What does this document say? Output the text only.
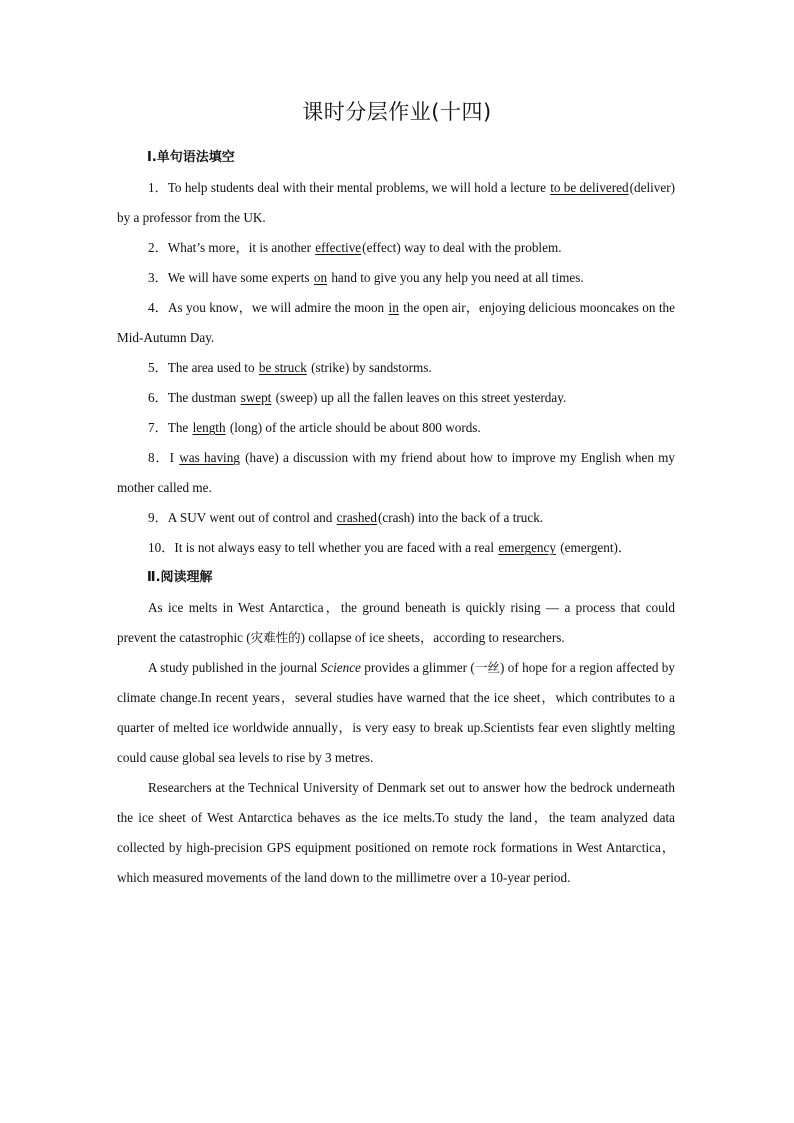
课时分层作业(十四)

Ⅰ.单句语法填空

1．To help students deal with their mental problems, we will hold a lecture to be delivered(deliver) by a professor from the UK.

2．What’s more，it is another effective(effect) way to deal with the problem.

3．We will have some experts on hand to give you any help you need at all times.

4．As you know，we will admire the moon in the open air，enjoying delicious mooncakes on the Mid-Autumn Day.

5．The area used to be struck (strike) by sandstorms.

6．The dustman swept (sweep) up all the fallen leaves on this street yesterday.

7．The length (long) of the article should be about 800 words.

8．I was having (have) a discussion with my friend about how to improve my English when my mother called me.

9．A SUV went out of control and crashed(crash) into the back of a truck.

10．It is not always easy to tell whether you are faced with a real emergency (emergent)．

Ⅱ.阅读理解

As ice melts in West Antarctica，the ground beneath is quickly rising — a process that could prevent the catastrophic (灾难性的) collapse of ice sheets，according to researchers.

A study published in the journal Science provides a glimmer (一丝) of hope for a region affected by climate change.In recent years，several studies have warned that the ice sheet，which contributes to a quarter of melted ice worldwide annually，is very easy to break up.Scientists fear even slightly melting could cause global sea levels to rise by 3 metres.

Researchers at the Technical University of Denmark set out to answer how the bedrock underneath the ice sheet of West Antarctica behaves as the ice melts.To study the land，the team analyzed data collected by high-precision GPS equipment positioned on remote rock formations in West Antarctica，which measured movements of the land down to the millimetre over a 10-year period.
